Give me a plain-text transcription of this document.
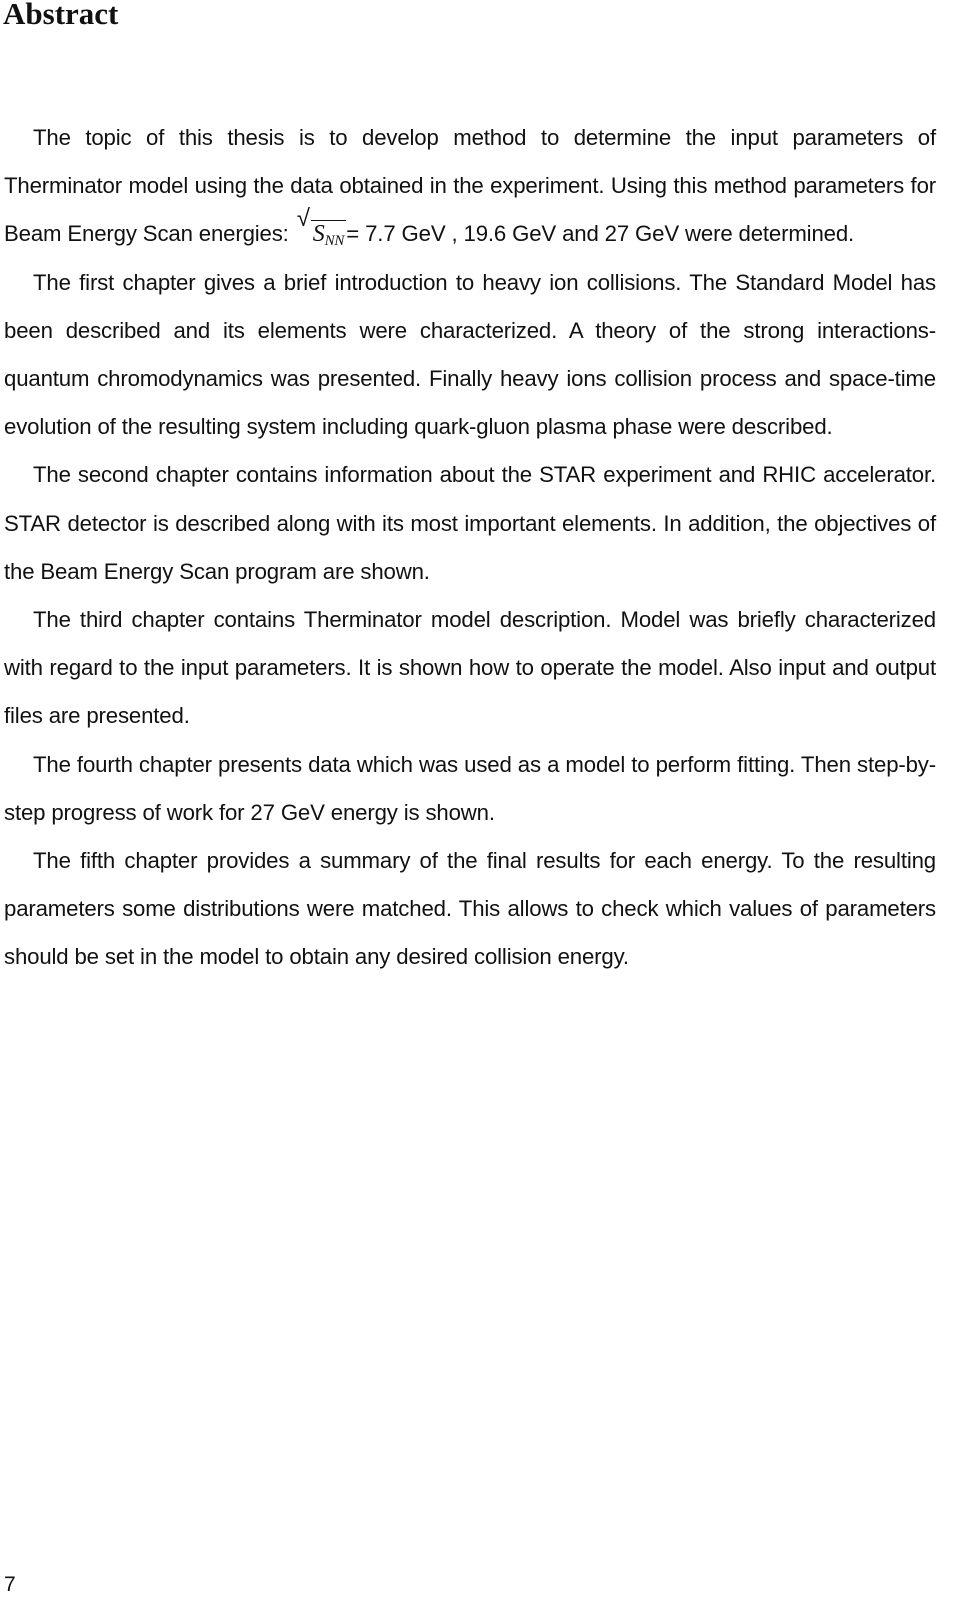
Abstract

The topic of this thesis is to develop method to determine the input parameters of Therminator model using the data obtained in the experiment. Using this method parameters for Beam Energy Scan energies:
√
$S_{NN}= 7.7$ GeV , 19.6 GeV and 27 GeV were determined.

The first chapter gives a brief introduction to heavy ion collisions. The Standard Model has been described and its elements were characterized. A theory of the strong interactions-quantum chromodynamics was presented. Finally heavy ions collision process and space-time evolution of the resulting system including quark-gluon plasma phase were described.

The second chapter contains information about the STAR experiment and RHIC accelerator. STAR detector is described along with its most important elements. In addition, the objectives of the Beam Energy Scan program are shown.

The third chapter contains Therminator model description. Model was briefly characterized with regard to the input parameters. It is shown how to operate the model. Also input and output files are presented.

The fourth chapter presents data which was used as a model to perform fitting. Then step-by-step progress of work for 27 GeV energy is shown.

The fifth chapter provides a summary of the final results for each energy. To the resulting parameters some distributions were matched. This allows to check which values of parameters should be set in the model to obtain any desired collision energy.

7
